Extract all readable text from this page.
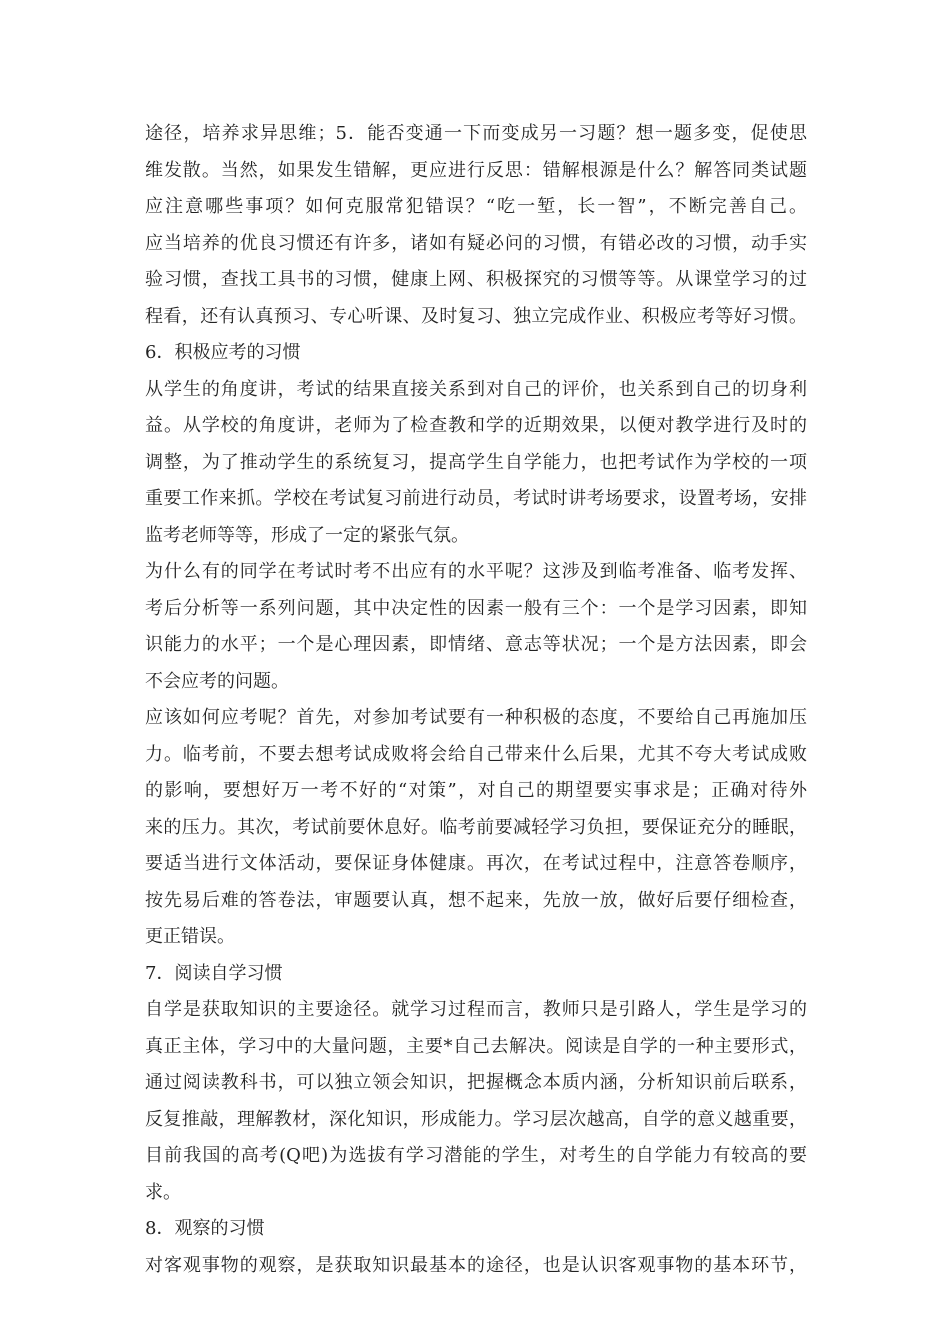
途径，培养求异思维；5．能否变通一下而变成另一习题？想一题多变，促使思
维发散。当然，如果发生错解，更应进行反思：错解根源是什么？解答同类试题
应注意哪些事项？如何克服常犯错误？“吃一堑，长一智”，不断完善自己。
应当培养的优良习惯还有许多，诸如有疑必问的习惯，有错必改的习惯，动手实
验习惯，查找工具书的习惯，健康上网、积极探究的习惯等等。从课堂学习的过
程看，还有认真预习、专心听课、及时复习、独立完成作业、积极应考等好习惯。
6．积极应考的习惯
从学生的角度讲，考试的结果直接关系到对自己的评价，也关系到自己的切身利
益。从学校的角度讲，老师为了检查教和学的近期效果，以便对教学进行及时的
调整，为了推动学生的系统复习，提高学生自学能力，也把考试作为学校的一项
重要工作来抓。学校在考试复习前进行动员，考试时讲考场要求，设置考场，安排
监考老师等等，形成了一定的紧张气氛。
为什么有的同学在考试时考不出应有的水平呢？这涉及到临考准备、临考发挥、
考后分析等一系列问题，其中决定性的因素一般有三个：一个是学习因素，即知
识能力的水平；一个是心理因素，即情绪、意志等状况；一个是方法因素，即会
不会应考的问题。
应该如何应考呢？首先，对参加考试要有一种积极的态度，不要给自己再施加压
力。临考前，不要去想考试成败将会给自己带来什么后果，尤其不夸大考试成败
的影响，要想好万一考不好的“对策”，对自己的期望要实事求是；正确对待外
来的压力。其次，考试前要休息好。临考前要减轻学习负担，要保证充分的睡眠，
要适当进行文体活动，要保证身体健康。再次，在考试过程中，注意答卷顺序，
按先易后难的答卷法，审题要认真，想不起来，先放一放，做好后要仔细检查，
更正错误。
7．阅读自学习惯
自学是获取知识的主要途径。就学习过程而言，教师只是引路人，学生是学习的
真正主体，学习中的大量问题，主要*自己去解决。阅读是自学的一种主要形式，
通过阅读教科书，可以独立领会知识，把握概念本质内涵，分析知识前后联系，
反复推敲，理解教材，深化知识，形成能力。学习层次越高，自学的意义越重要，
目前我国的高考(Q吧)为选拔有学习潜能的学生，对考生的自学能力有较高的要
求。
8．观察的习惯
对客观事物的观察，是获取知识最基本的途径，也是认识客观事物的基本环节，
